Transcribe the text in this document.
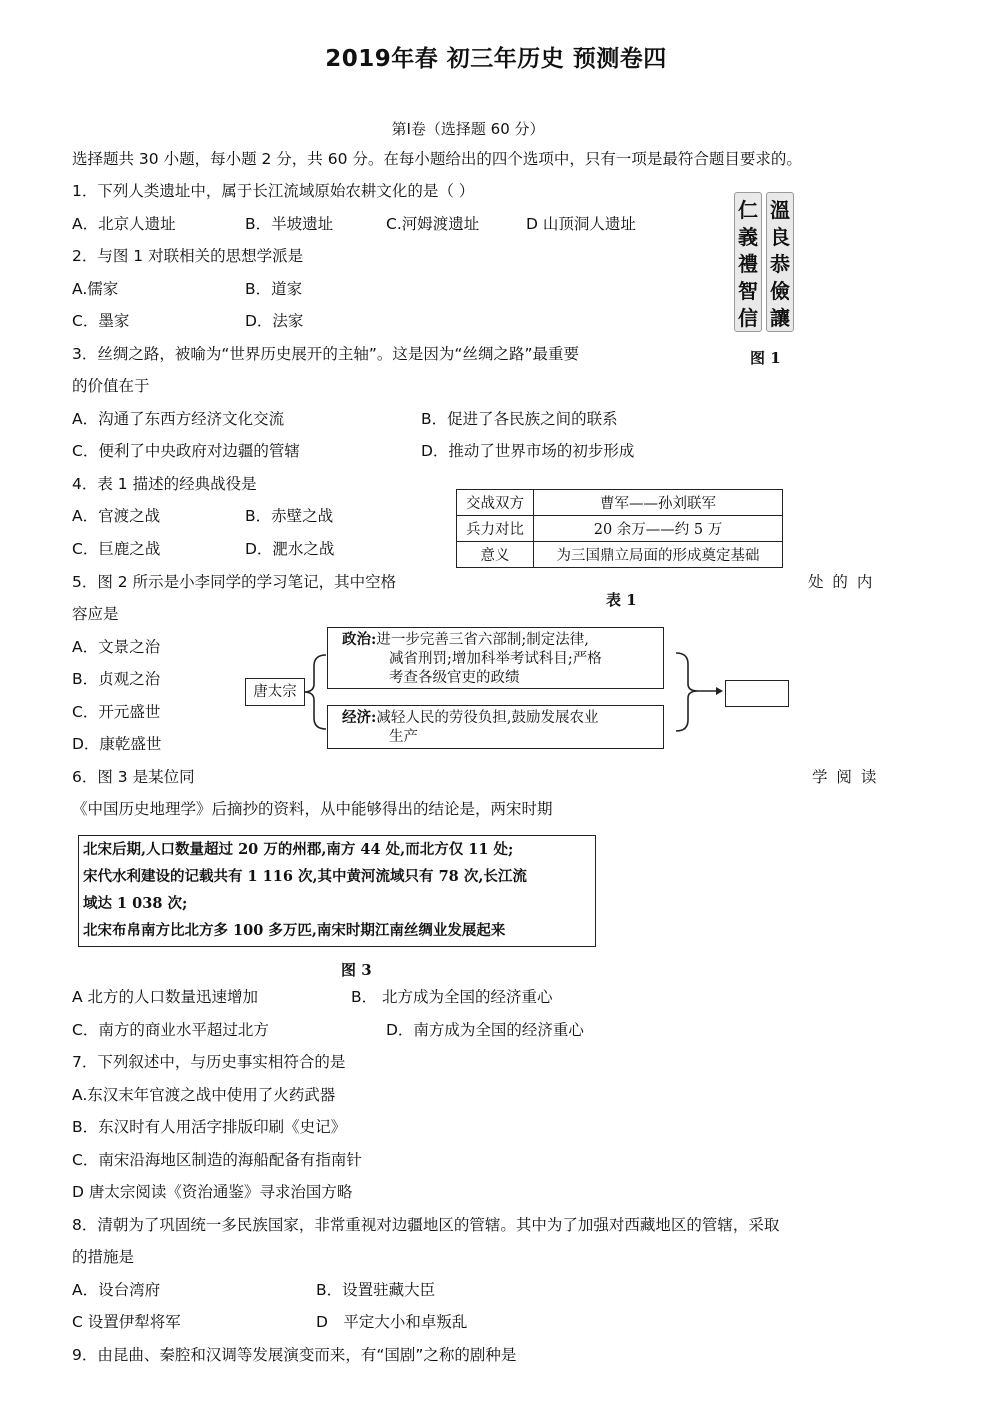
2019年春 初三年历史 预测卷四
第Ⅰ卷（选择题 60 分）
选择题共 30 小题，每小题 2 分，共 60 分。在每小题给出的四个选项中，只有一项是最符合题目要求的。
1．下列人类遗址中，属于长江流域原始农耕文化的是（ ）
A．北京人遗址	B．半坡遗址	C.河姆渡遗址	D 山顶洞人遗址
仁
義
禮
智
信
溫
良
恭
儉
讓
图 1
2．与图 1 对联相关的思想学派是
A.儒家	B．道家
C．墨家	D．法家
3．丝绸之路，被喻为“世界历史展开的主轴”。这是因为“丝绸之路”最重要
的价值在于
A．沟通了东西方经济文化交流	B．促进了各民族之间的联系
C．便利了中央政府对边疆的管辖	D．推动了世界市场的初步形成
4．表 1 描述的经典战役是
A．官渡之战	B．赤壁之战
C．巨鹿之战	D．淝水之战
交战双方	曹军——孙刘联军
兵力对比	20 余万——约 5 万
意义	为三国鼎立局面的形成奠定基础
表 1
5．图 2 所示是小李同学的学习笔记，其中空格	处 的 内
容应是
A．文景之治
B．贞观之治
C．开元盛世
D．康乾盛世
唐太宗
政治:进一步完善三省六部制;制定法律,
减省刑罚;增加科举考试科目;严格
考查各级官吏的政绩
经济:减轻人民的劳役负担,鼓励发展农业
生产
6．图 3 是某位同	学 阅 读
《中国历史地理学》后摘抄的资料，从中能够得出的结论是，两宋时期
北宋后期,人口数量超过 20 万的州郡,南方 44 处,而北方仅 11 处;
宋代水利建设的记载共有 1 116 次,其中黄河流域只有 78 次,长江流
域达 1 038 次;
北宋布帛南方比北方多 100 多万匹,南宋时期江南丝绸业发展起来
图 3
A 北方的人口数量迅速增加	B． 北方成为全国的经济重心
C．南方的商业水平超过北方	D．南方成为全国的经济重心
7．下列叙述中，与历史事实相符合的是
A.东汉末年官渡之战中使用了火药武器
B．东汉时有人用活字排版印刷《史记》
C．南宋沿海地区制造的海船配备有指南针
D 唐太宗阅读《资治通鉴》寻求治国方略
8．清朝为了巩固统一多民族国家，非常重视对边疆地区的管辖。其中为了加强对西藏地区的管辖，采取
的措施是
A．设台湾府	B．设置驻藏大臣
C 设置伊犁将军	D　平定大小和卓叛乱
9．由昆曲、秦腔和汉调等发展演变而来，有“国剧”之称的剧种是
